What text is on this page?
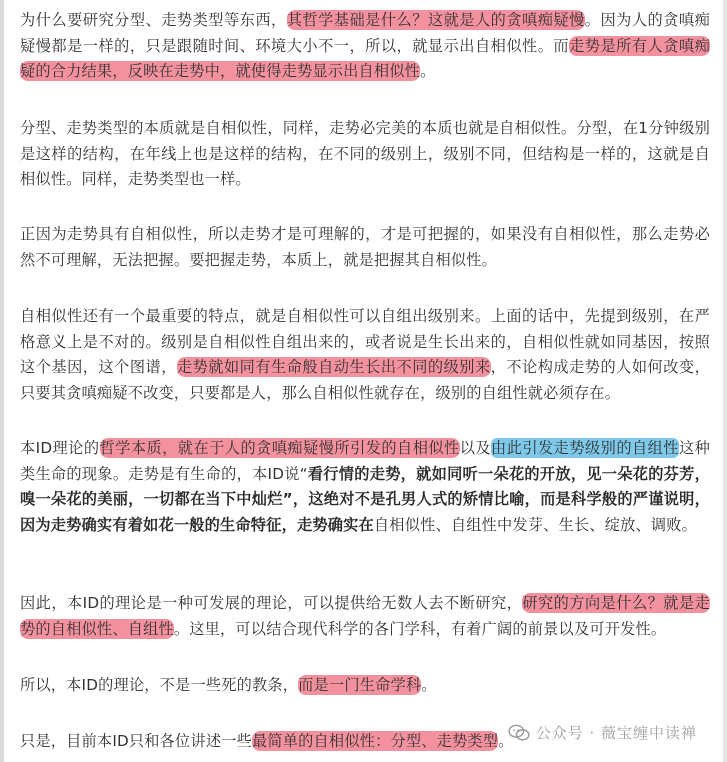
为什么要研究分型、走势类型等东西，其哲学基础是什么？这就是人的贪嗔痴疑慢。因为人的贪嗔痴疑慢都是一样的，只是跟随时间、环境大小不一，所以，就显示出自相似性。而走势是所有人贪嗔痴疑的合力结果，反映在走势中，就使得走势显示出自相似性。

分型、走势类型的本质就是自相似性，同样，走势必完美的本质也就是自相似性。分型，在1分钟级别是这样的结构，在年线上也是这样的结构，在不同的级别上，级别不同，但结构是一样的，这就是自相似性。同样，走势类型也一样。

正因为走势具有自相似性，所以走势才是可理解的，才是可把握的，如果没有自相似性，那么走势必然不可理解，无法把握。要把握走势，本质上，就是把握其自相似性。

自相似性还有一个最重要的特点，就是自相似性可以自组出级别来。上面的话中，先提到级别，在严格意义上是不对的。级别是自相似性自组出来的，或者说是生长出来的，自相似性就如同基因，按照这个基因，这个图谱，走势就如同有生命般自动生长出不同的级别来，不论构成走势的人如何改变，只要其贪嗔痴疑不改变，只要都是人，那么自相似性就存在，级别的自组性就必须存在。

本ID理论的哲学本质，就在于人的贪嗔痴疑慢所引发的自相似性以及由此引发走势级别的自组性这种类生命的现象。走势是有生命的，本ID说“看行情的走势，就如同听一朵花的开放，见一朵花的芬芳，嗅一朵花的美丽，一切都在当下中灿烂”，这绝对不是孔男人式的矫情比喻，而是科学般的严谨说明，因为走势确实有着如花一般的生命特征，走势确实在自相似性、自组性中发芽、生长、绽放、调败。

因此，本ID的理论是一种可发展的理论，可以提供给无数人去不断研究，研究的方向是什么？就是走势的自相似性、自组性。这里，可以结合现代科学的各门学科，有着广阔的前景以及可开发性。

所以，本ID的理论，不是一些死的教条，而是一门生命学科。

只是，目前本ID只和各位讲述一些最简单的自相似性：分型、走势类型。	公众号 · 薇宝缠中读禅
